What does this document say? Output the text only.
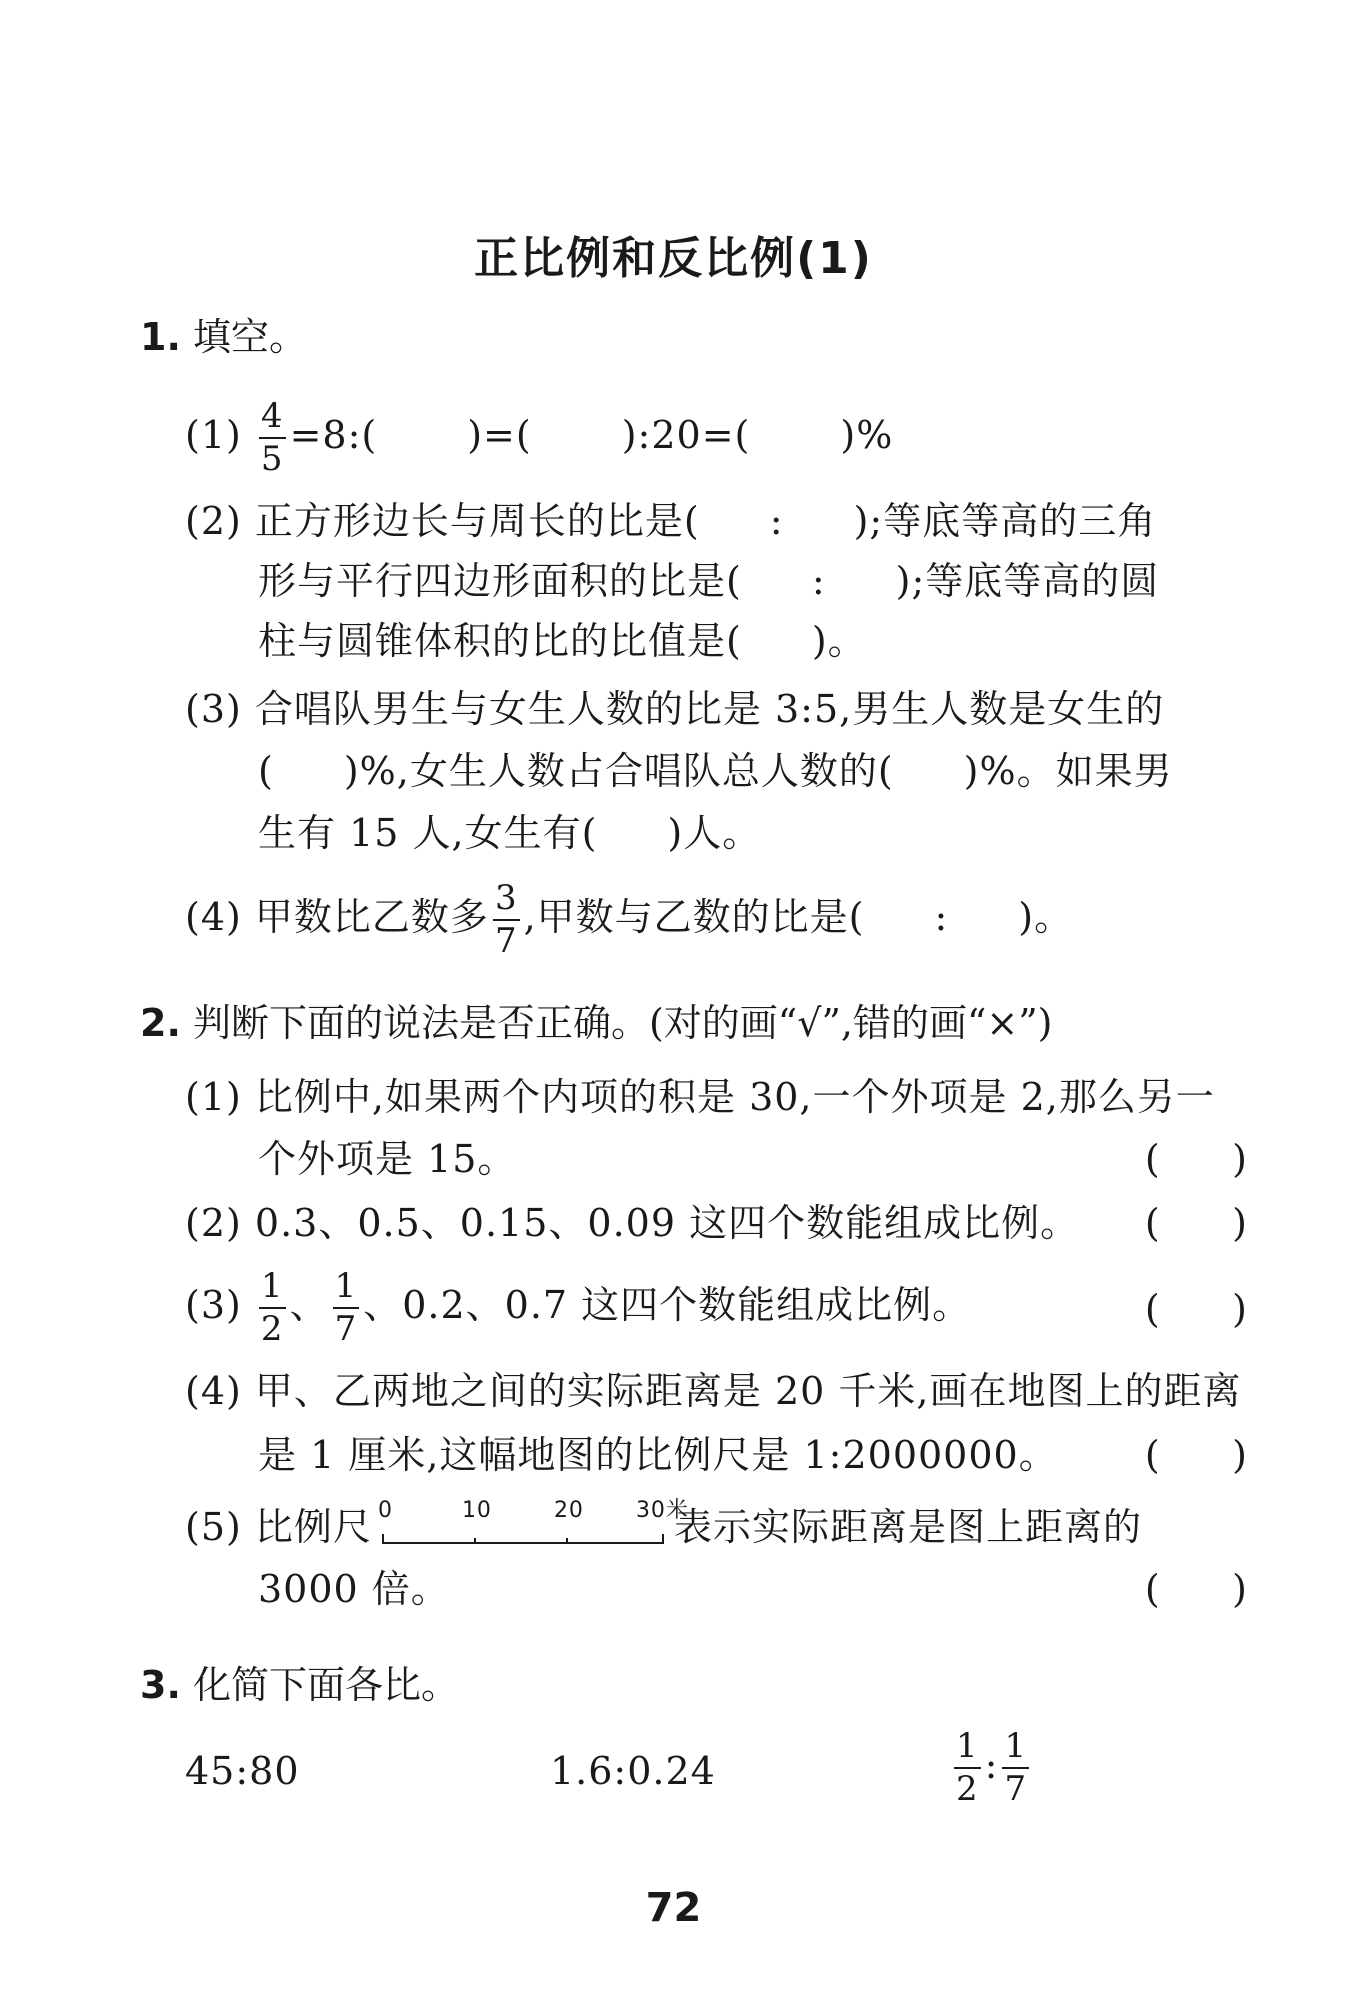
正比例和反比例(1)
1. 填空。
$(1) \frac{4}{5}$ =8:( )=( ):20=( )%
(2) 正方形边长与周长的比是( : );等底等高的三角
形与平行四边形面积的比是( : );等底等高的圆
柱与圆锥体积的比的比值是( )。
(3) 合唱队男生与女生人数的比是 3:5,男生人数是女生的
( )%,女生人数占合唱队总人数的( )%。如果男
生有 15 人,女生有( )人。
(4) 甲数比乙数多 $\frac{3}{7}$ ,甲数与乙数的比是( : )。
2. 判断下面的说法是否正确。(对的画“√”,错的画“×”)
(1) 比例中,如果两个内项的积是 30,一个外项是 2,那么另一
个外项是 15。	(      )
(2) 0.3、0.5、0.15、0.09 这四个数能组成比例。 (      )
$(3) \frac{1}{2}$ 、 $\frac{1}{7}$ 、0.2、0.7 这四个数能组成比例。	(      )
(4) 甲、乙两地之间的实际距离是 20 千米,画在地图上的距离
是 1 厘米,这幅地图的比例尺是 1:2000000。 (      )
(5) 比例尺 0	10	20 30米
表示实际距离是图上距离的
3000 倍。	(      )
3. 化简下面各比。
45:80	1.6:0.24	$\frac{1}{2}$ : $\frac{1}{7}$
72
